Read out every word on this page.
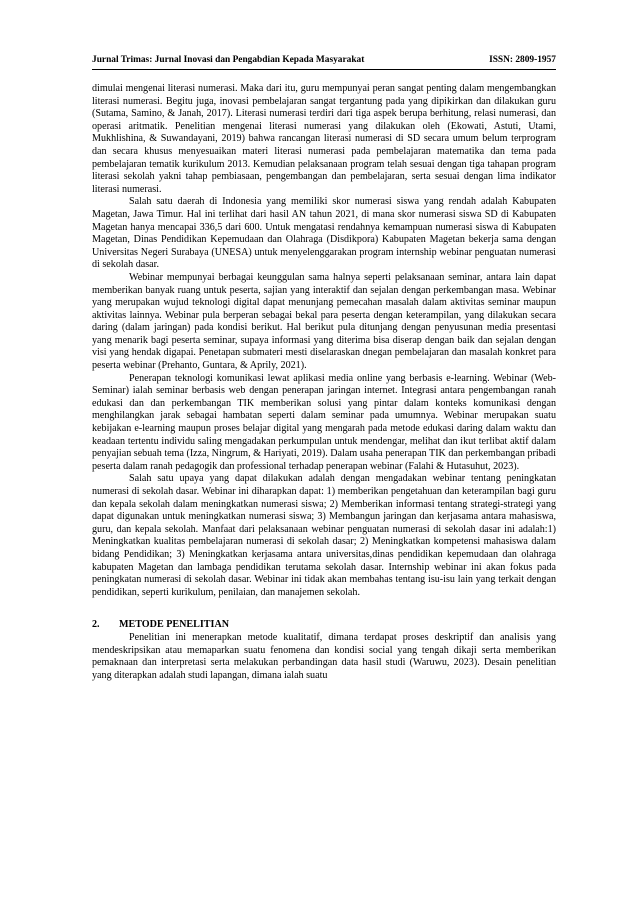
Jurnal Trimas: Jurnal Inovasi dan Pengabdian Kepada Masyarakat	ISSN: 2809-1957

dimulai mengenai literasi numerasi. Maka dari itu, guru mempunyai peran sangat penting dalam mengembangkan literasi numerasi. Begitu juga, inovasi pembelajaran sangat tergantung pada yang dipikirkan dan dilakukan guru (Sutama, Samino, & Janah, 2017). Literasi numerasi terdiri dari tiga aspek berupa berhitung, relasi numerasi, dan operasi aritmatik. Penelitian mengenai literasi numerasi yang dilakukan oleh (Ekowati, Astuti, Utami, Mukhlishina, & Suwandayani, 2019) bahwa rancangan literasi numerasi di SD secara umum belum terprogram dan secara khusus menyesuaikan materi literasi numerasi pada pembelajaran matematika dan tema pada pembelajaran tematik kurikulum 2013. Kemudian pelaksanaan program telah sesuai dengan tiga tahapan program literasi sekolah yakni tahap pembiasaan, pengembangan dan pembelajaran, serta sesuai dengan lima indikator literasi numerasi.

Salah satu daerah di Indonesia yang memiliki skor numerasi siswa yang rendah adalah Kabupaten Magetan, Jawa Timur. Hal ini terlihat dari hasil AN tahun 2021, di mana skor numerasi siswa SD di Kabupaten Magetan hanya mencapai 336,5 dari 600. Untuk mengatasi rendahnya kemampuan numerasi siswa di Kabupaten Magetan, Dinas Pendidikan Kepemudaan dan Olahraga (Disdikpora) Kabupaten Magetan bekerja sama dengan Universitas Negeri Surabaya (UNESA) untuk menyelenggarakan program internship webinar penguatan numerasi di sekolah dasar.

Webinar mempunyai berbagai keunggulan sama halnya seperti pelaksanaan seminar, antara lain dapat memberikan banyak ruang untuk peserta, sajian yang interaktif dan sejalan dengan perkembangan masa. Webinar yang merupakan wujud teknologi digital dapat menunjang pemecahan masalah dalam aktivitas seminar maupun aktivitas lainnya. Webinar pula berperan sebagai bekal para peserta dengan keterampilan, yang dilakukan secara daring (dalam jaringan) pada kondisi berikut. Hal berikut pula ditunjang dengan penyusunan media presentasi yang menarik bagi peserta seminar, supaya informasi yang diterima bisa diserap dengan baik dan sejalan dengan visi yang hendak digapai. Penetapan submateri mesti diselaraskan dnegan pembelajaran dan masalah konkret para peserta webinar (Prehanto, Guntara, & Aprily, 2021).

Penerapan teknologi komunikasi lewat aplikasi media online yang berbasis e-learning. Webinar (Web-Seminar) ialah seminar berbasis web dengan penerapan jaringan internet. Integrasi antara pengembangan ranah edukasi dan dan perkembangan TIK memberikan solusi yang pintar dalam konteks komunikasi dengan menghilangkan jarak sebagai hambatan seperti dalam seminar pada umumnya. Webinar merupakan suatu kebijakan e-learning maupun proses belajar digital yang mengarah pada metode edukasi daring dalam waktu dan keadaan tertentu individu saling mengadakan perkumpulan untuk mendengar, melihat dan ikut terlibat aktif dalam penyajian sebuah tema (Izza, Ningrum, & Hariyati, 2019). Dalam usaha penerapan TIK dan perkembangan pribadi peserta dalam ranah pedagogik dan professional terhadap penerapan webinar (Falahi & Hutasuhut, 2023).

Salah satu upaya yang dapat dilakukan adalah dengan mengadakan webinar tentang peningkatan numerasi di sekolah dasar. Webinar ini diharapkan dapat: 1) memberikan pengetahuan dan keterampilan bagi guru dan kepala sekolah dalam meningkatkan numerasi siswa; 2) Memberikan informasi tentang strategi-strategi yang dapat digunakan untuk meningkatkan numerasi siswa; 3) Membangun jaringan dan kerjasama antara mahasiswa, guru, dan kepala sekolah. Manfaat dari pelaksanaan webinar penguatan numerasi di sekolah dasar ini adalah:1) Meningkatkan kualitas pembelajaran numerasi di sekolah dasar; 2) Meningkatkan kompetensi mahasiswa dalam bidang Pendidikan; 3) Meningkatkan kerjasama antara universitas,dinas pendidikan kepemudaan dan olahraga kabupaten Magetan dan lambaga pendidikan terutama sekolah dasar. Internship webinar ini akan fokus pada peningkatan numerasi di sekolah dasar. Webinar ini tidak akan membahas tentang isu-isu lain yang terkait dengan pendidikan, seperti kurikulum, penilaian, dan manajemen sekolah.

2.	METODE PENELITIAN

Penelitian ini menerapkan metode kualitatif, dimana terdapat proses deskriptif dan analisis yang mendeskripsikan atau memaparkan suatu fenomena dan kondisi social yang tengah dikaji serta memberikan pemaknaan dan interpretasi serta melakukan perbandingan data hasil studi (Waruwu, 2023). Desain penelitian yang diterapkan adalah studi lapangan, dimana ialah suatu
